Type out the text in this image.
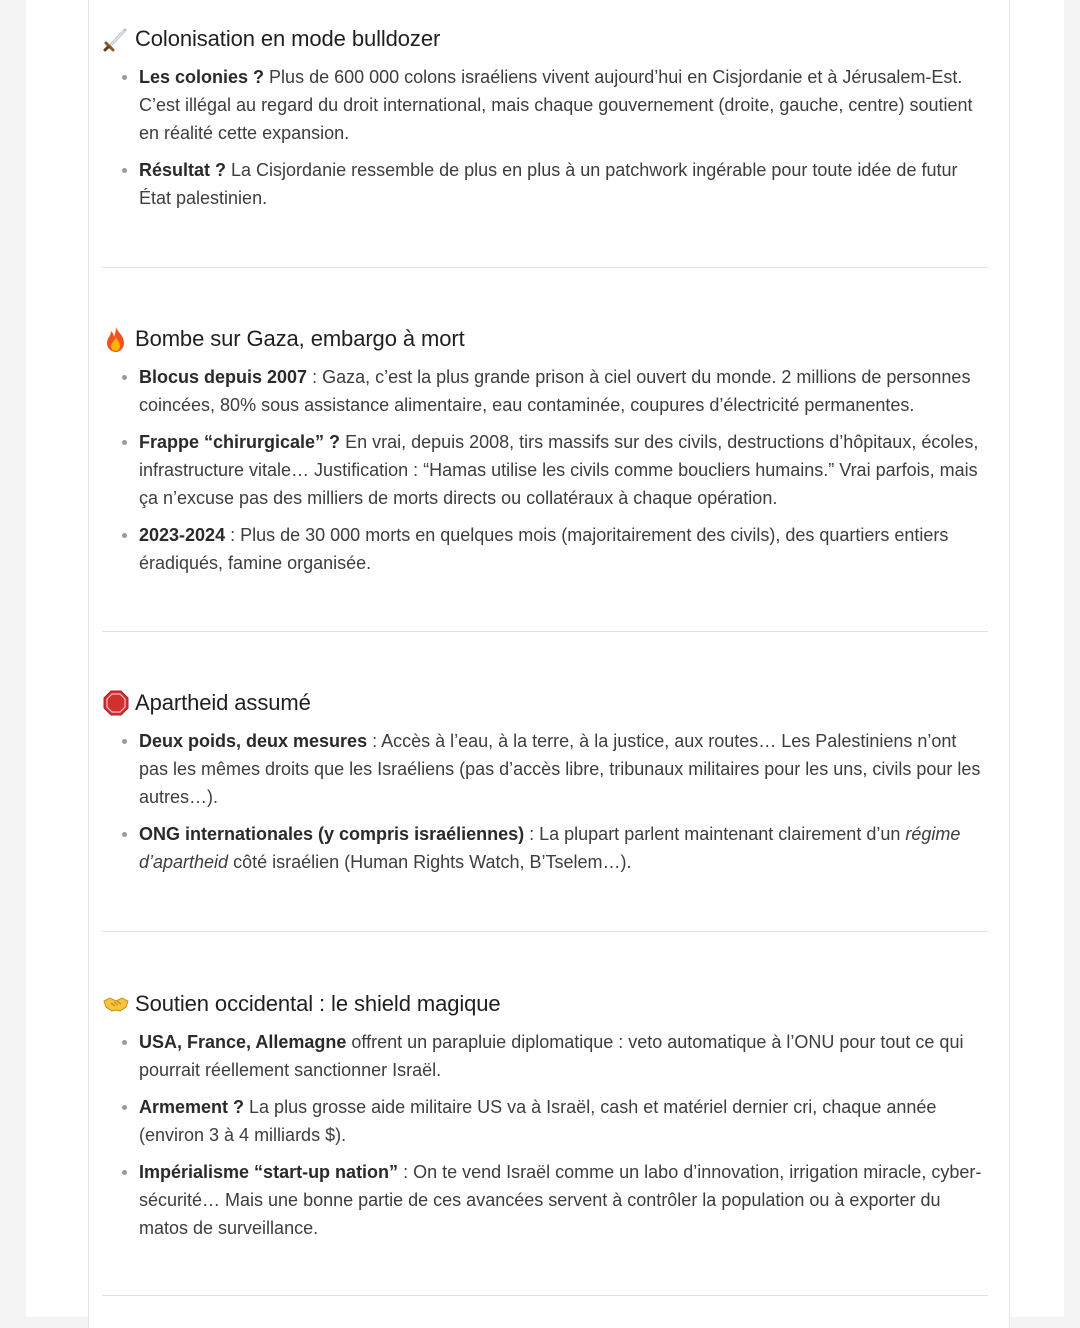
Colonisation en mode bulldozer
Les colonies ? Plus de 600 000 colons israéliens vivent aujourd’hui en Cisjordanie et à Jérusalem-Est. C’est illégal au regard du droit international, mais chaque gouvernement (droite, gauche, centre) soutient en réalité cette expansion.
Résultat ? La Cisjordanie ressemble de plus en plus à un patchwork ingérable pour toute idée de futur État palestinien.
Bombe sur Gaza, embargo à mort
Blocus depuis 2007 : Gaza, c’est la plus grande prison à ciel ouvert du monde. 2 millions de personnes coincées, 80% sous assistance alimentaire, eau contaminée, coupures d’électricité permanentes.
Frappe “chirurgicale” ? En vrai, depuis 2008, tirs massifs sur des civils, destructions d’hôpitaux, écoles, infrastructure vitale… Justification : “Hamas utilise les civils comme boucliers humains.” Vrai parfois, mais ça n’excuse pas des milliers de morts directs ou collatéraux à chaque opération.
2023-2024 : Plus de 30 000 morts en quelques mois (majoritairement des civils), des quartiers entiers éradiqués, famine organisée.
Apartheid assumé
Deux poids, deux mesures : Accès à l’eau, à la terre, à la justice, aux routes… Les Palestiniens n’ont pas les mêmes droits que les Israéliens (pas d’accès libre, tribunaux militaires pour les uns, civils pour les autres…).
ONG internationales (y compris israéliennes) : La plupart parlent maintenant clairement d’un régime d’apartheid côté israélien (Human Rights Watch, B’Tselem…).
Soutien occidental : le shield magique
USA, France, Allemagne offrent un parapluie diplomatique : veto automatique à l’ONU pour tout ce qui pourrait réellement sanctionner Israël.
Armement ? La plus grosse aide militaire US va à Israël, cash et matériel dernier cri, chaque année (environ 3 à 4 milliards $).
Impérialisme “start-up nation” : On te vend Israël comme un labo d’innovation, irrigation miracle, cyber-sécurité… Mais une bonne partie de ces avancées servent à contrôler la population ou à exporter du matos de surveillance.
